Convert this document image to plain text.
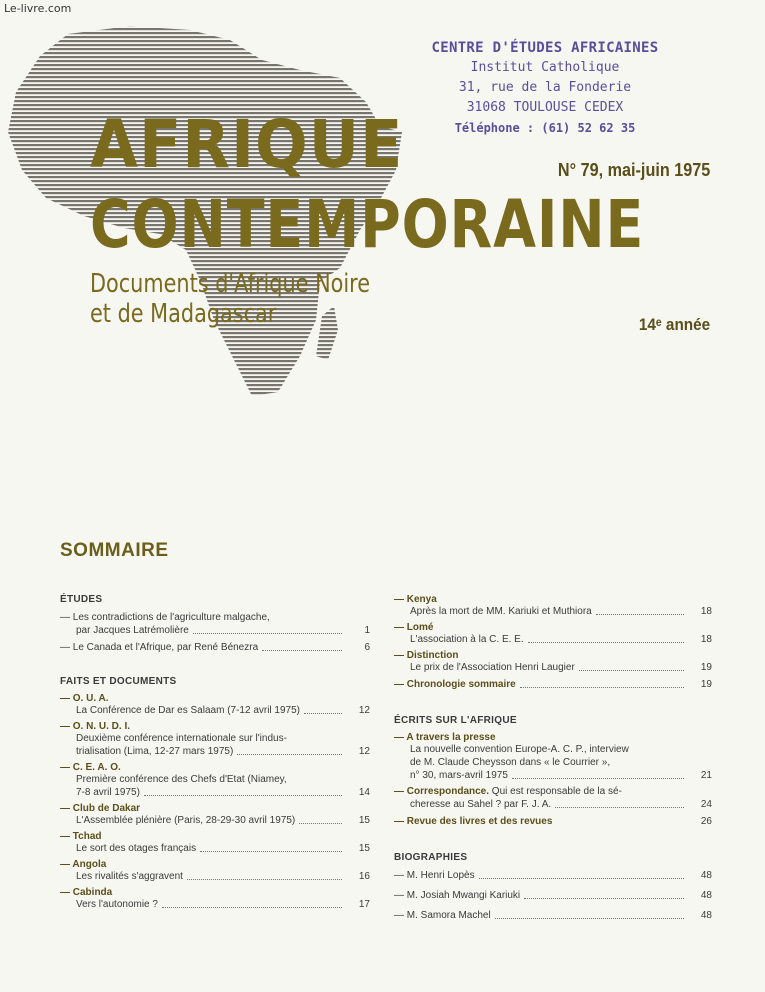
Le-livre.com
CENTRE D'ÉTUDES AFRICAINES
Institut Catholique
31, rue de la Fonderie
31068 TOULOUSE CEDEX
Téléphone : (61) 52 62 35
AFRIQUE
CONTEMPORAINE
Documents d'Afrique Noire
et de Madagascar
N° 79, mai-juin 1975
14ᵉ année
SOMMAIRE
ÉTUDES
— Les contradictions de l'agriculture malgache,
par Jacques Latrémolière	1
— Le Canada et l'Afrique, par René Bénezra	6
FAITS ET DOCUMENTS
— O. U. A.
La Conférence de Dar es Salaam (7-12 avril 1975)	12
— O. N. U. D. I.
Deuxième conférence internationale sur l'indus-
trialisation (Lima, 12-27 mars 1975)	12
— C. E. A. O.
Première conférence des Chefs d'Etat (Niamey,
7-8 avril 1975)	14
— Club de Dakar
L'Assemblée plénière (Paris, 28-29-30 avril 1975)	15
— Tchad
Le sort des otages français	15
— Angola
Les rivalités s'aggravent	16
— Cabinda
Vers l'autonomie ?	17
— Kenya
Après la mort de MM. Kariuki et Muthiora	18
— Lomé
L'association à la C. E. E.	18
— Distinction
Le prix de l'Association Henri Laugier	19
— Chronologie sommaire	19
ÉCRITS SUR L'AFRIQUE
— A travers la presse
La nouvelle convention Europe-A. C. P., interview
de M. Claude Cheysson dans « le Courrier »,
n° 30, mars-avril 1975	21
— Correspondance. Qui est responsable de la sé-
cheresse au Sahel ? par F. J. A.	24
— Revue des livres et des revues	26
BIOGRAPHIES
— M. Henri Lopès	48
— M. Josiah Mwangi Kariuki	48
— M. Samora Machel	48
